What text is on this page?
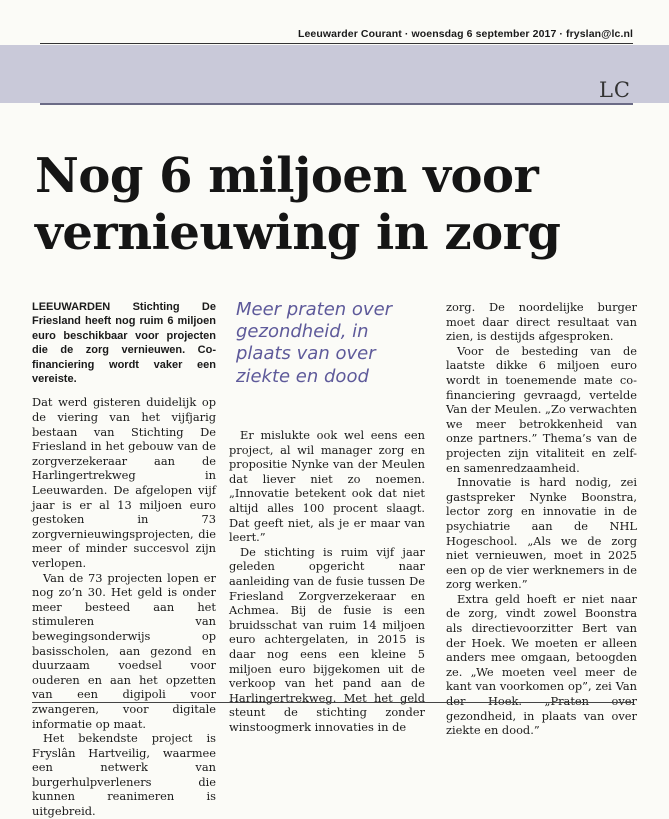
Leeuwarder Courant · woensdag 6 september 2017 · fryslan@lc.nl
LC
Nog 6 miljoen voor vernieuwing in zorg

LEEUWARDEN Stichting De Friesland heeft nog ruim 6 miljoen euro beschikbaar voor projecten die de zorg vernieuwen. Co-financiering wordt vaker een vereiste.

Dat werd gisteren duidelijk op de viering van het vijfjarig bestaan van Stichting De Friesland in het gebouw van de zorgverzekeraar aan de Harlingertrekweg in Leeuwarden. De afgelopen vijf jaar is er al 13 miljoen euro gestoken in 73 zorgvernieuwingsprojecten, die meer of minder succesvol zijn verlopen.

Van de 73 projecten lopen er nog zo’n 30. Het geld is onder meer besteed aan het stimuleren van bewegingsonderwijs op basisscholen, aan gezond en duurzaam voedsel voor ouderen en aan het opzetten van een digipoli voor zwangeren, voor digitale informatie op maat.

Het bekendste project is Fryslân Hartveilig, waarmee een netwerk van burgerhulpverleners die kunnen reanimeren is uitgebreid.

Meer praten over gezondheid, in plaats van over ziekte en dood

Er mislukte ook wel eens een project, al wil manager zorg en propositie Nynke van der Meulen dat liever niet zo noemen. „Innovatie betekent ook dat niet altijd alles 100 procent slaagt. Dat geeft niet, als je er maar van leert.”

De stichting is ruim vijf jaar geleden opgericht naar aanleiding van de fusie tussen De Friesland Zorgverzekeraar en Achmea. Bij de fusie is een bruidsschat van ruim 14 miljoen euro achtergelaten, in 2015 is daar nog eens een kleine 5 miljoen euro bijgekomen uit de verkoop van het pand aan de Harlingertrekweg. Met het geld steunt de stichting zonder winstoogmerk innovaties in de

zorg. De noordelijke burger moet daar direct resultaat van zien, is destijds afgesproken.

Voor de besteding van de laatste dikke 6 miljoen euro wordt in toenemende mate co-financiering gevraagd, vertelde Van der Meulen. „Zo verwachten we meer betrokkenheid van onze partners.” Thema’s van de projecten zijn vitaliteit en zelf- en samenredzaamheid.

Innovatie is hard nodig, zei gastspreker Nynke Boonstra, lector zorg en innovatie in de psychiatrie aan de NHL Hogeschool. „Als we de zorg niet vernieuwen, moet in 2025 een op de vier werknemers in de zorg werken.”

Extra geld hoeft er niet naar de zorg, vindt zowel Boonstra als directievoorzitter Bert van der Hoek. We moeten er alleen anders mee omgaan, betoogden ze. „We moeten veel meer de kant van voorkomen op”, zei Van der Hoek. „Praten over gezondheid, in plaats van over ziekte en dood.”
